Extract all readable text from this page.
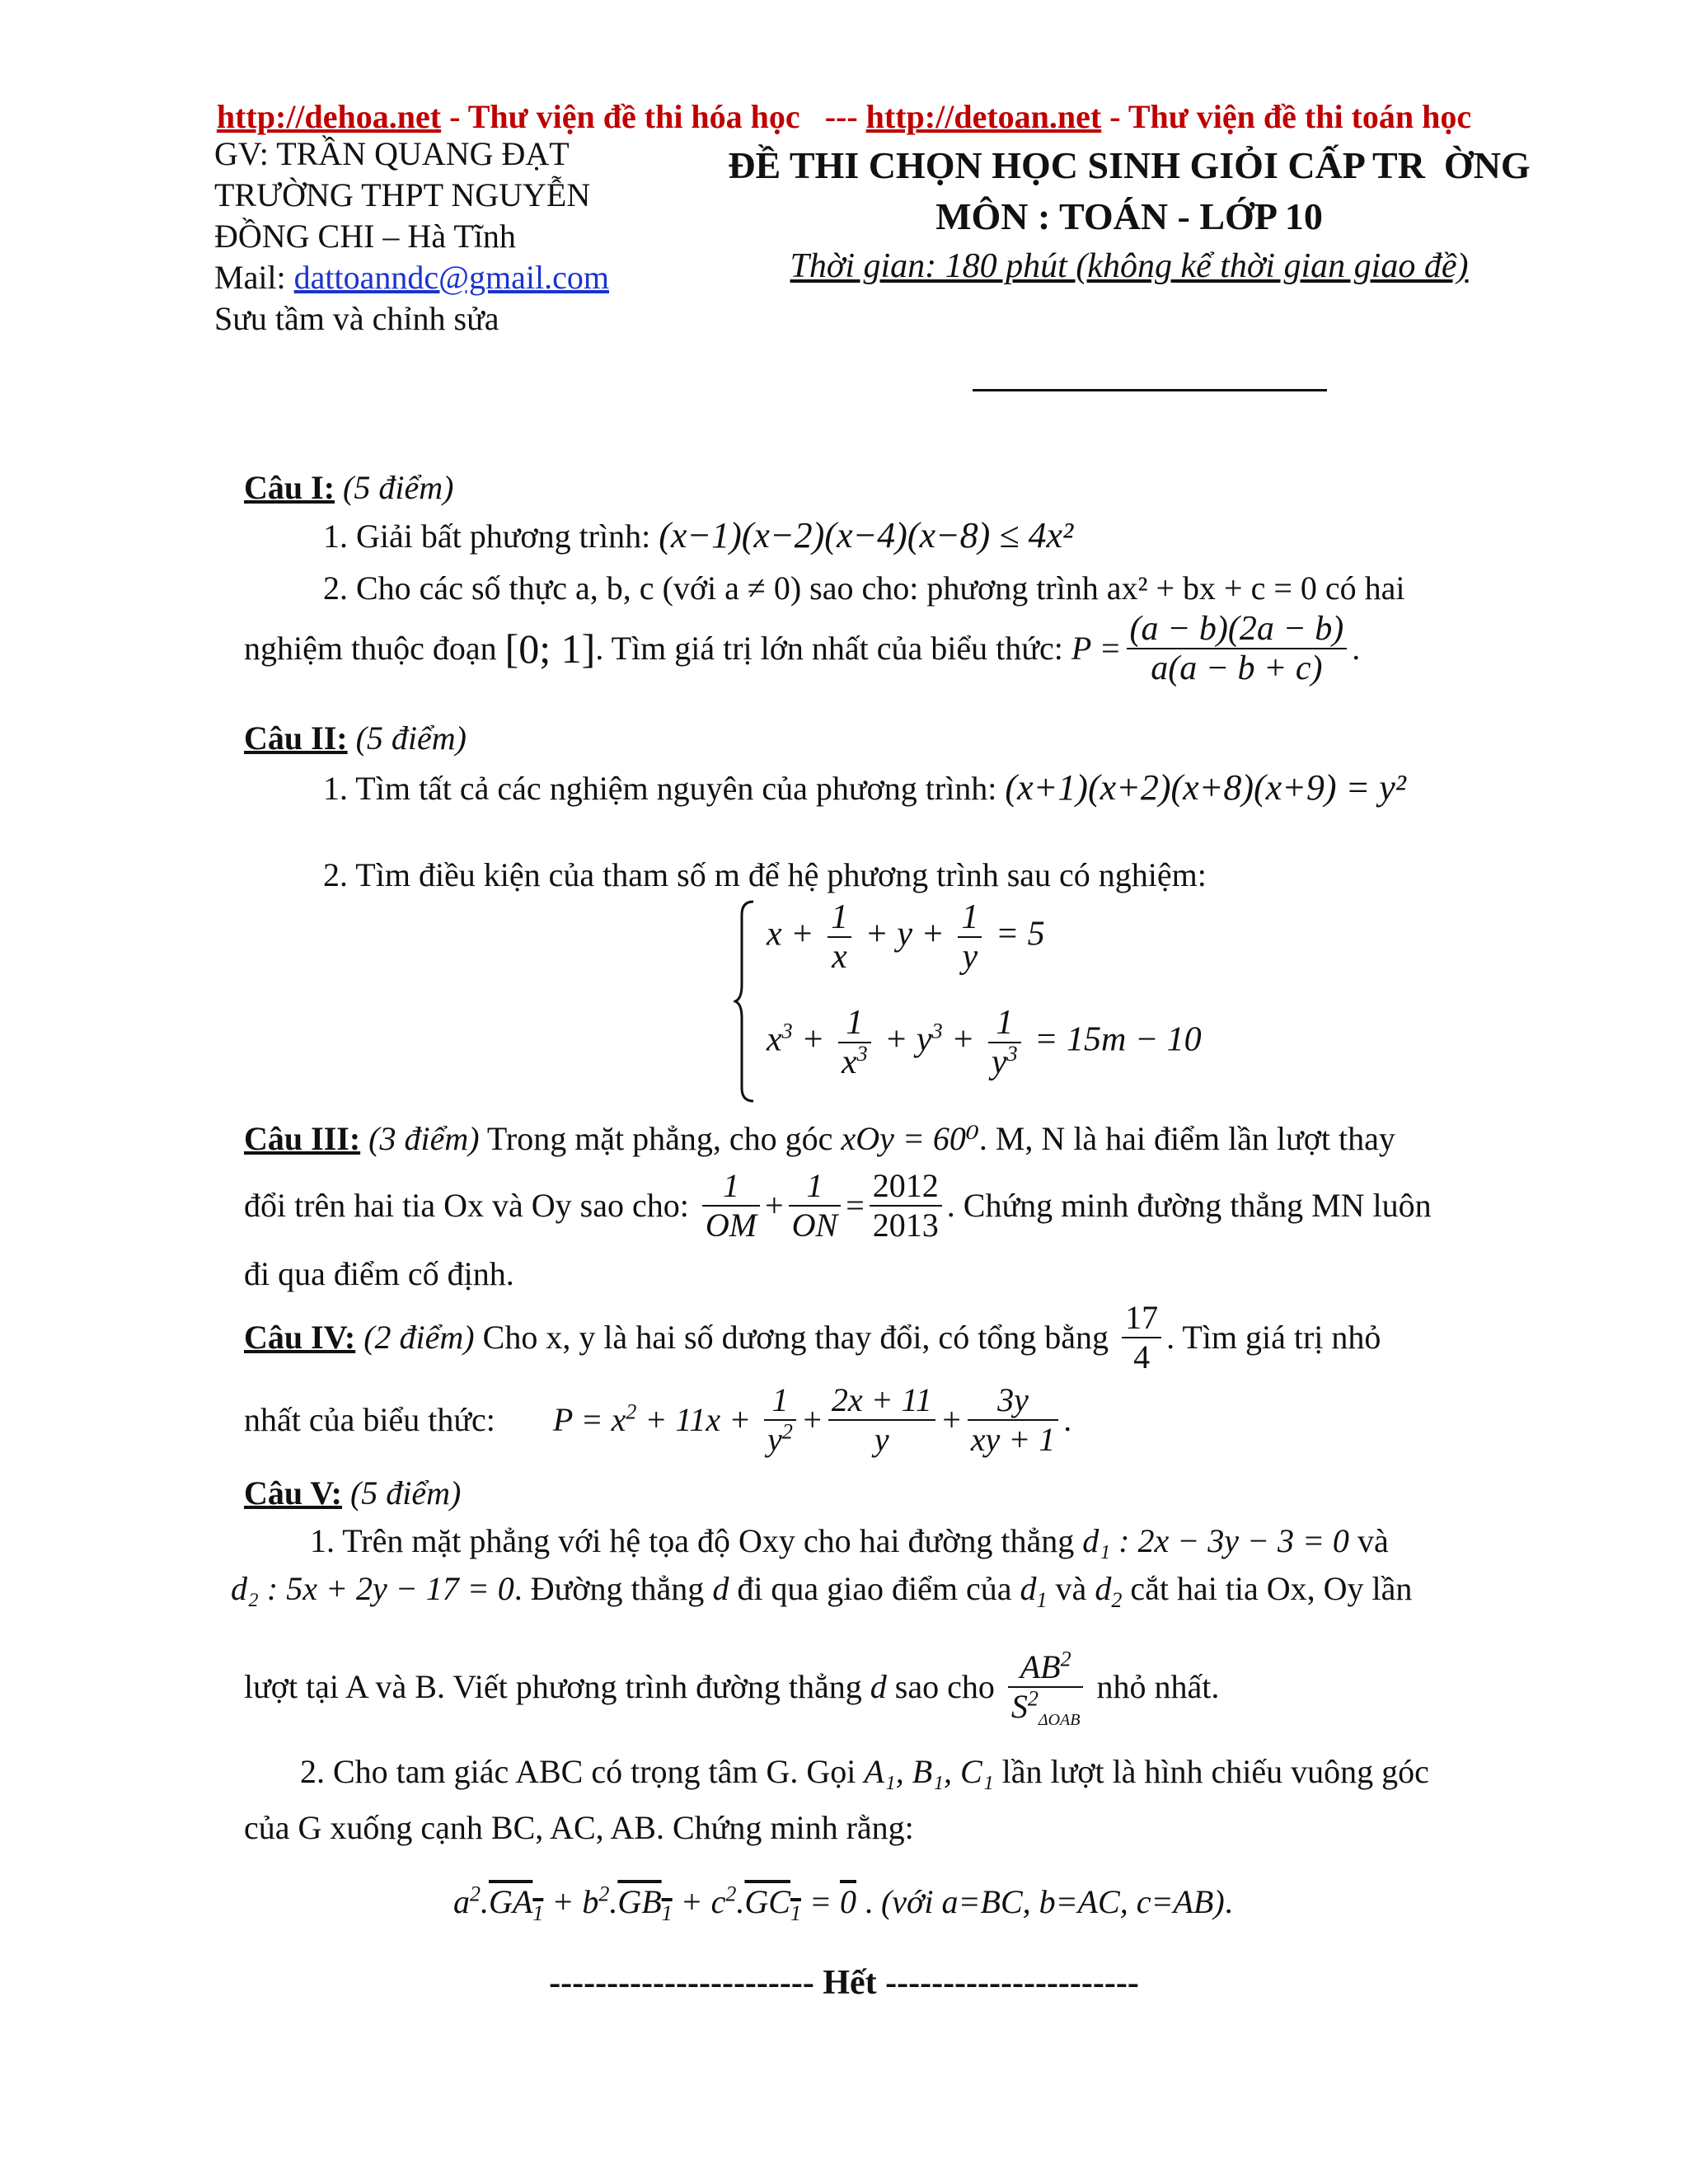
http://dehoa.net - Thư viện đề thi hóa học   --- http://detoan.net - Thư viện đề thi toán học
GV: TRẦN QUANG ĐẠT
TRƯỜNG THPT NGUYỄN
ĐỒNG CHI – Hà Tĩnh
Mail: dattoanndc@gmail.com
Sưu tầm và chỉnh sửa
ĐỀ THI CHỌN HỌC SINH GIỎI CẤP TR  ỜNG
MÔN : TOÁN - LỚP 10
Thời gian: 180 phút (không kể thời gian giao đề)
Câu I: (5 điểm)
1. Giải bất phương trình: (x−1)(x−2)(x−4)(x−8) ≤ 4x²
2. Cho các số thực a, b, c (với a ≠ 0) sao cho: phương trình ax² + bx + c = 0 có hai
nghiệm thuộc đoạn [0; 1]. Tìm giá trị lớn nhất của biểu thức: $P = \frac{(a - b)(2a - b)}{a(a - b + c)}$ .
Câu II: (5 điểm)
1. Tìm tất cả các nghiệm nguyên của phương trình: (x+1)(x+2)(x+8)(x+9) = y²
2. Tìm điều kiện của tham số m để hệ phương trình sau có nghiệm:
$x + \frac{1}{x} + y + \frac{1}{y} = 5$
$x^3 + \frac{1}{x^3} + y^3 + \frac{1}{y^3} = 15m - 10$
Câu III: (3 điểm) Trong mặt phẳng, cho góc xOy = 60⁰. M, N là hai điểm lần lượt thay
đổi trên hai tia Ox và Oy sao cho: $\frac{1}{OM} + \frac{1}{ON} = \frac{2012}{2013}$ . Chứng minh đường thẳng MN luôn
đi qua điểm cố định.
Câu IV: (2 điểm) Cho x, y là hai số dương thay đổi, có tổng bằng $\frac{17}{4}$ . Tìm giá trị nhỏ
nhất của biểu thức: $P = x^2 + 11x + \frac{1}{y^2} + \frac{2x + 11}{y} + \frac{3y}{xy + 1}$ .
Câu V: (5 điểm)
1. Trên mặt phẳng với hệ tọa độ Oxy cho hai đường thẳng d₁ : 2x − 3y − 3 = 0 và
d₂ : 5x + 2y − 17 = 0. Đường thẳng d đi qua giao điểm của $d_1$ và $d_2$ cắt hai tia Ox, Oy lần
lượt tại A và B. Viết phương trình đường thẳng d sao cho $\frac{AB^2}{S^2_{\Delta OAB}}$ nhỏ nhất.
2. Cho tam giác ABC có trọng tâm G. Gọi A₁, B₁, C₁ lần lượt là hình chiếu vuông góc
của G xuống cạnh BC, AC, AB. Chứng minh rằng:
$a^2.GA_1 + b^2.GB_1 + c^2.GC_1 = 0$ . (với a=BC, b=AC, c=AB).
----------------------- Hết ----------------------
